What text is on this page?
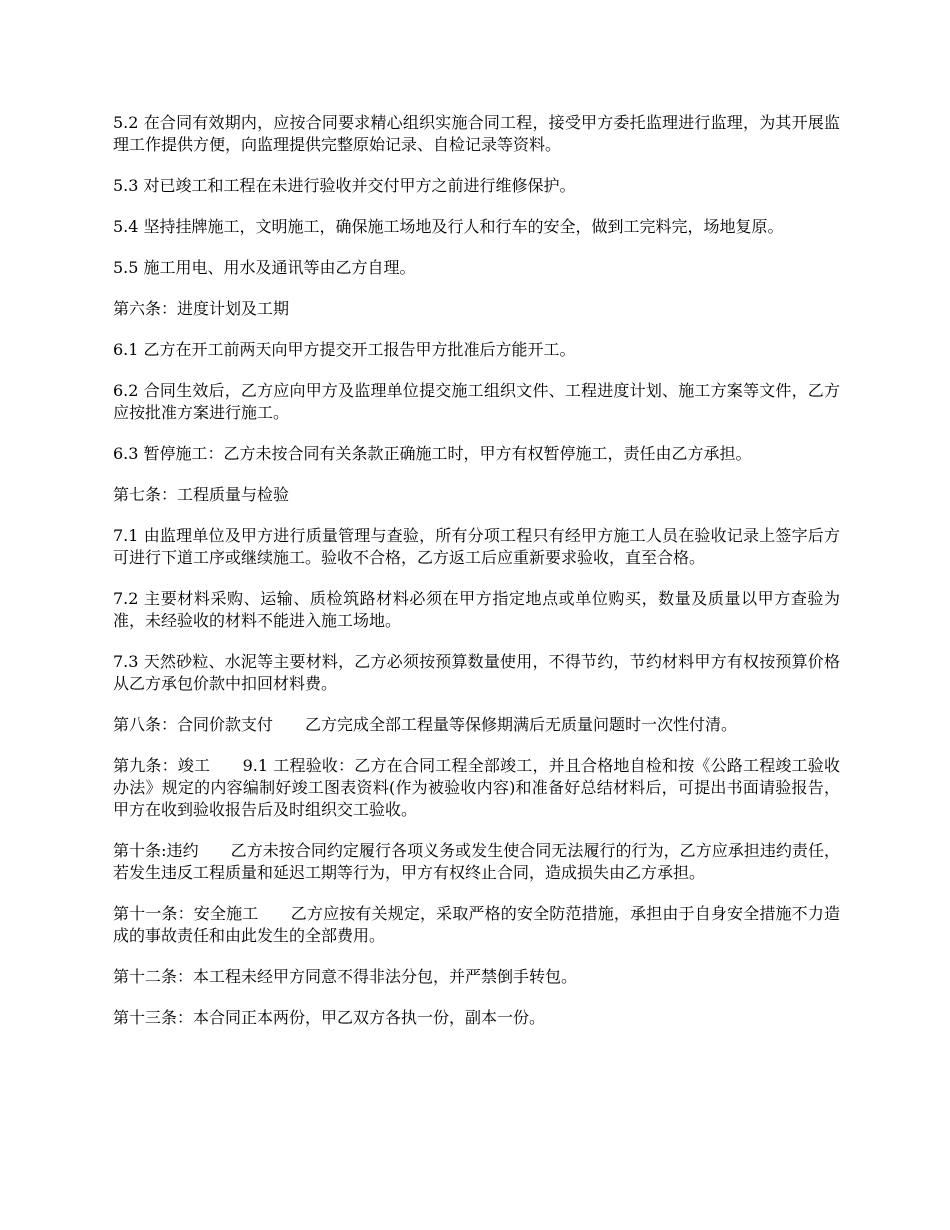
5.2 在合同有效期内，应按合同要求精心组织实施合同工程，接受甲方委托监理进行监理，为其开展监理工作提供方便，向监理提供完整原始记录、自检记录等资料。

5.3 对已竣工和工程在未进行验收并交付甲方之前进行维修保护。

5.4 坚持挂牌施工，文明施工，确保施工场地及行人和行车的安全，做到工完料完，场地复原。

5.5 施工用电、用水及通讯等由乙方自理。

第六条：进度计划及工期

6.1 乙方在开工前两天向甲方提交开工报告甲方批准后方能开工。

6.2 合同生效后，乙方应向甲方及监理单位提交施工组织文件、工程进度计划、施工方案等文件，乙方应按批准方案进行施工。

6.3 暂停施工：乙方未按合同有关条款正确施工时，甲方有权暂停施工，责任由乙方承担。

第七条：工程质量与检验

7.1 由监理单位及甲方进行质量管理与查验，所有分项工程只有经甲方施工人员在验收记录上签字后方可进行下道工序或继续施工。验收不合格，乙方返工后应重新要求验收，直至合格。

7.2 主要材料采购、运输、质检筑路材料必须在甲方指定地点或单位购买，数量及质量以甲方查验为准，未经验收的材料不能进入施工场地。

7.3 天然砂粒、水泥等主要材料，乙方必须按预算数量使用，不得节约，节约材料甲方有权按预算价格从乙方承包价款中扣回材料费。

第八条：合同价款支付　　乙方完成全部工程量等保修期满后无质量问题时一次性付清。

第九条：竣工　　9.1 工程验收：乙方在合同工程全部竣工，并且合格地自检和按《公路工程竣工验收办法》规定的内容编制好竣工图表资料(作为被验收内容)和准备好总结材料后，可提出书面请验报告，甲方在收到验收报告后及时组织交工验收。

第十条:违约　　乙方未按合同约定履行各项义务或发生使合同无法履行的行为，乙方应承担违约责任，若发生违反工程质量和延迟工期等行为，甲方有权终止合同，造成损失由乙方承担。

第十一条：安全施工　　乙方应按有关规定，采取严格的安全防范措施，承担由于自身安全措施不力造成的事故责任和由此发生的全部费用。

第十二条：本工程未经甲方同意不得非法分包，并严禁倒手转包。

第十三条：本合同正本两份，甲乙双方各执一份，副本一份。
